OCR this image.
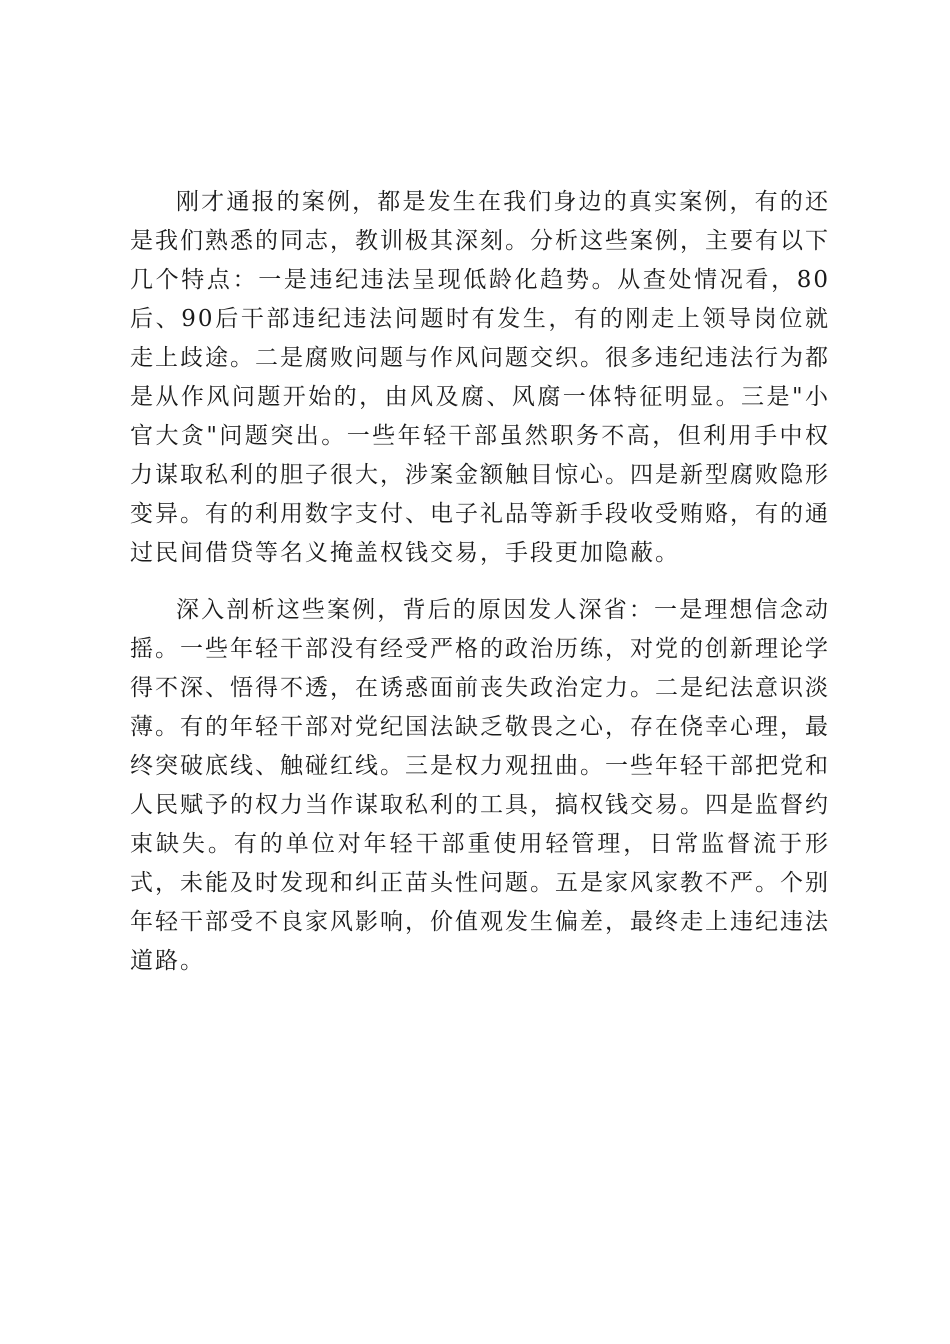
刚才通报的案例，都是发生在我们身边的真实案例，有的还是我们熟悉的同志，教训极其深刻。分析这些案例，主要有以下几个特点：一是违纪违法呈现低龄化趋势。从查处情况看，80后、90后干部违纪违法问题时有发生，有的刚走上领导岗位就走上歧途。二是腐败问题与作风问题交织。很多违纪违法行为都是从作风问题开始的，由风及腐、风腐一体特征明显。三是"小官大贪"问题突出。一些年轻干部虽然职务不高，但利用手中权力谋取私利的胆子很大，涉案金额触目惊心。四是新型腐败隐形变异。有的利用数字支付、电子礼品等新手段收受贿赂，有的通过民间借贷等名义掩盖权钱交易，手段更加隐蔽。

深入剖析这些案例，背后的原因发人深省：一是理想信念动摇。一些年轻干部没有经受严格的政治历练，对党的创新理论学得不深、悟得不透，在诱惑面前丧失政治定力。二是纪法意识淡薄。有的年轻干部对党纪国法缺乏敬畏之心，存在侥幸心理，最终突破底线、触碰红线。三是权力观扭曲。一些年轻干部把党和人民赋予的权力当作谋取私利的工具，搞权钱交易。四是监督约束缺失。有的单位对年轻干部重使用轻管理，日常监督流于形式，未能及时发现和纠正苗头性问题。五是家风家教不严。个别年轻干部受不良家风影响，价值观发生偏差，最终走上违纪违法道路。
